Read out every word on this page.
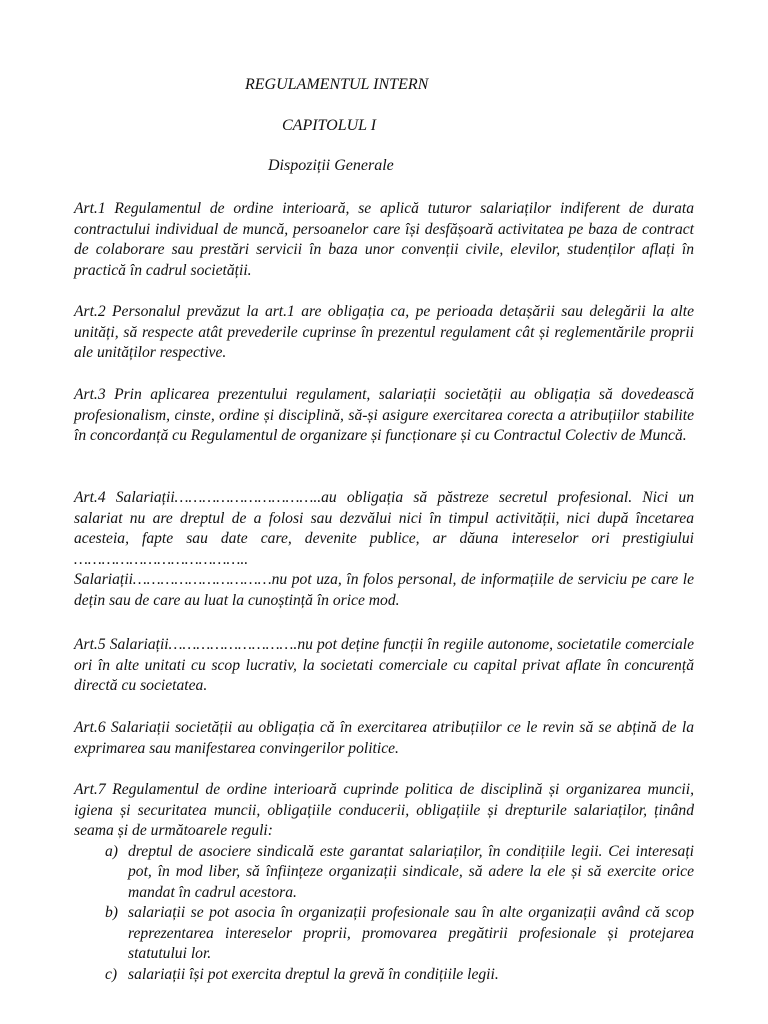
REGULAMENTUL INTERN
CAPITOLUL I
Dispoziții Generale

Art.1 Regulamentul de ordine interioară, se aplică tuturor salariaților indiferent de durata contractului individual de muncă, persoanelor care își desfășoară activitatea pe baza de contract de colaborare sau prestări servicii în baza unor convenții civile, elevilor, studenților aflați în practică în cadrul societății.

Art.2 Personalul prevăzut la art.1 are obligația ca, pe perioada detașării sau delegării la alte unități, să respecte atât prevederile cuprinse în prezentul regulament cât și reglementările proprii ale unităților respective.

Art.3 Prin aplicarea prezentului regulament, salariații societății au obligația să dovedească profesionalism, cinste, ordine și disciplină, să-și asigure exercitarea corecta a atribuțiilor stabilite în concordanță cu Regulamentul de organizare și funcționare și cu Contractul Colectiv de Muncă.

Art.4 Salariații…………………………..au obligația să păstreze secretul profesional. Nici un salariat nu are dreptul de a folosi sau dezvălui nici în timpul activității, nici după încetarea acesteia, fapte sau date care, devenite publice, ar dăuna intereselor ori prestigiului ………………………………..

Salariații…………………………nu pot uza, în folos personal, de informațiile de serviciu pe care le dețin sau de care au luat la cunoștință în orice mod.

Art.5 Salariații……………………….nu pot deține funcții în regiile autonome, societatile comerciale ori în alte unitati cu scop lucrativ, la societati comerciale cu capital privat aflate în concurență directă cu societatea.

Art.6 Salariații societății au obligația că în exercitarea atribuțiilor ce le revin să se abțină de la exprimarea sau manifestarea convingerilor politice.

Art.7 Regulamentul de ordine interioară cuprinde politica de disciplină și organizarea muncii, igiena și securitatea muncii, obligațiile conducerii, obligațiile și drepturile salariaților, ținând seama și de următoarele reguli:

a) dreptul de asociere sindicală este garantat salariaților, în condițiile legii. Cei interesați pot, în mod liber, să înființeze organizații sindicale, să adere la ele și să exercite orice mandat în cadrul acestora.
b) salariații se pot asocia în organizații profesionale sau în alte organizații având că scop reprezentarea intereselor proprii, promovarea pregătirii profesionale și protejarea statutului lor.
c) salariații își pot exercita dreptul la grevă în condițiile legii.
